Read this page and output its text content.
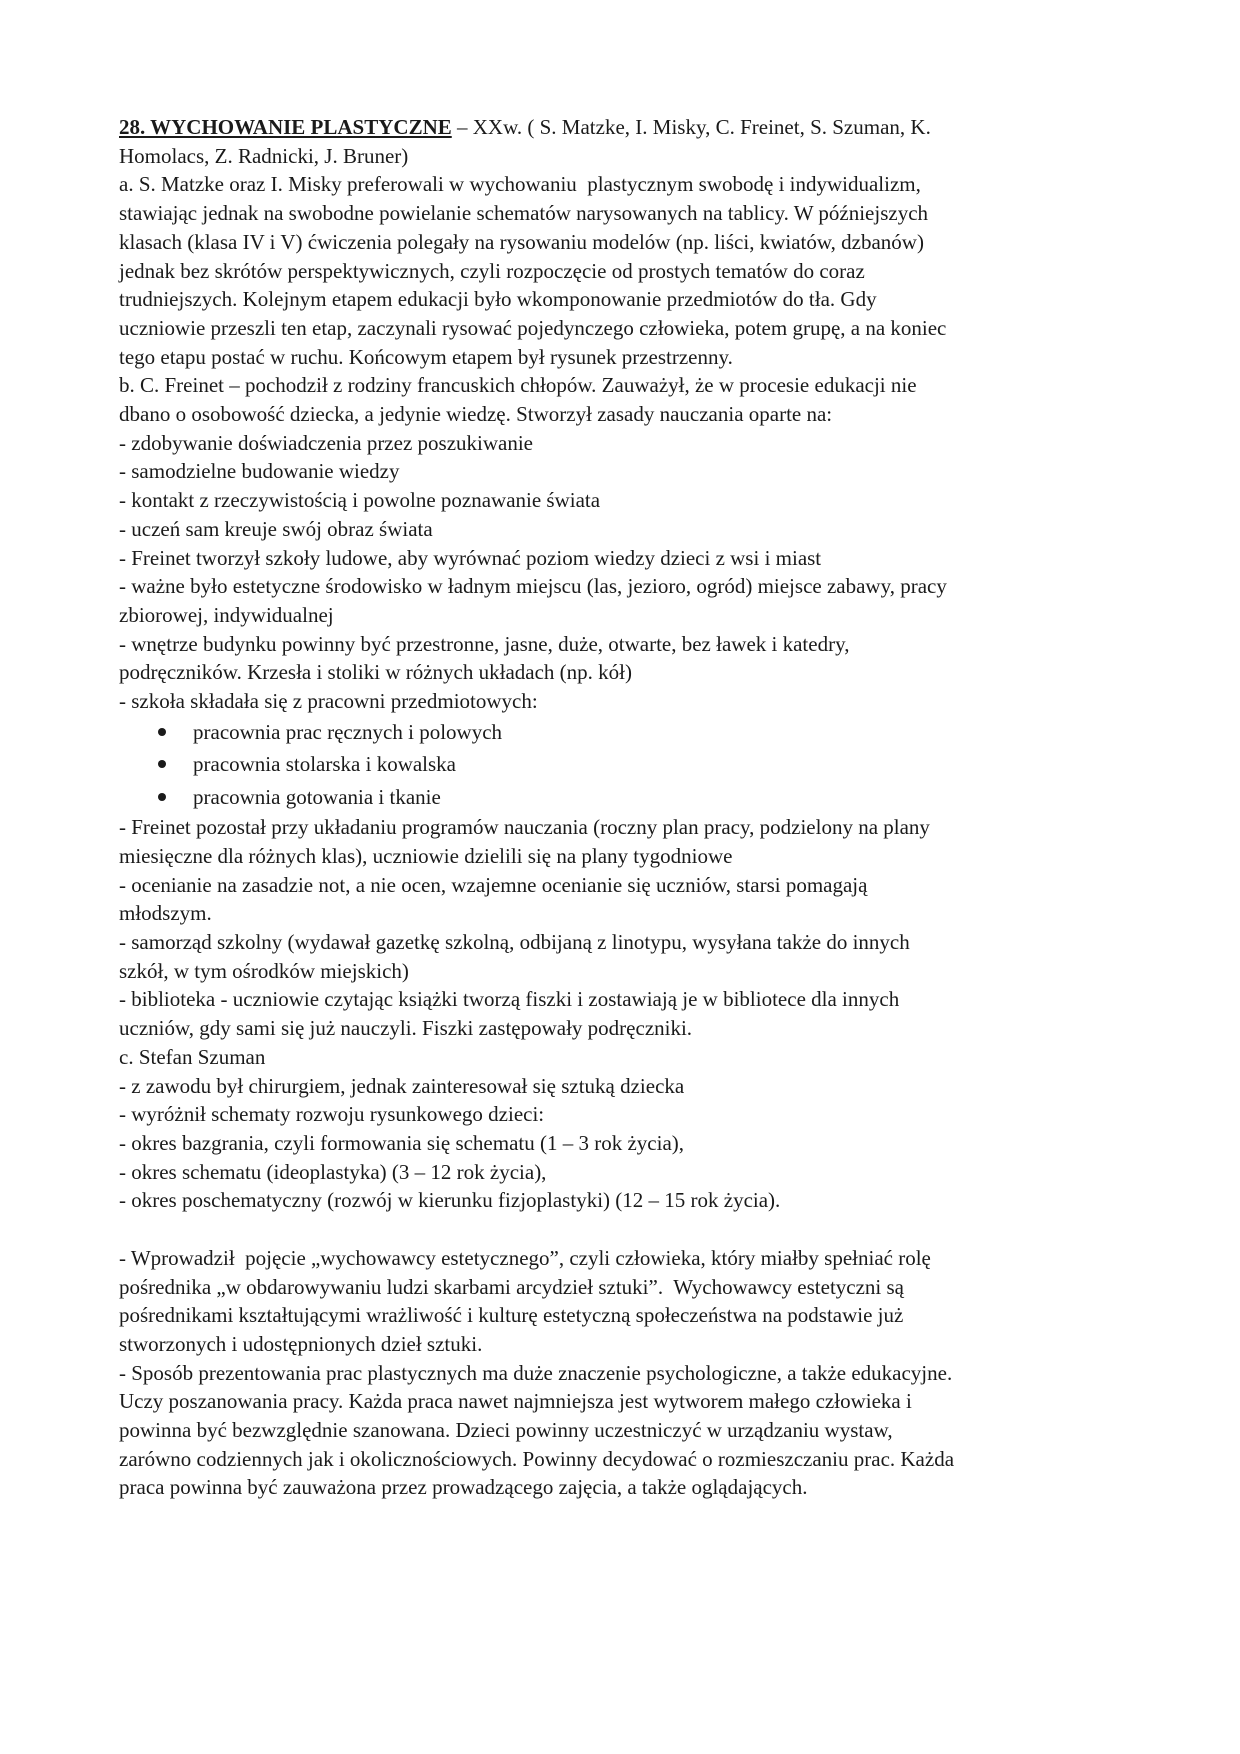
28. WYCHOWANIE PLASTYCZNE – XXw. ( S. Matzke, I. Misky, C. Freinet, S. Szuman, K.
Homolacs, Z. Radnicki, J. Bruner)
a. S. Matzke oraz I. Misky preferowali w wychowaniu  plastycznym swobodę i indywidualizm,
stawiając jednak na swobodne powielanie schematów narysowanych na tablicy. W późniejszych
klasach (klasa IV i V) ćwiczenia polegały na rysowaniu modelów (np. liści, kwiatów, dzbanów)
jednak bez skrótów perspektywicznych, czyli rozpoczęcie od prostych tematów do coraz
trudniejszych. Kolejnym etapem edukacji było wkomponowanie przedmiotów do tła. Gdy
uczniowie przeszli ten etap, zaczynali rysować pojedynczego człowieka, potem grupę, a na koniec
tego etapu postać w ruchu. Końcowym etapem był rysunek przestrzenny.
b. C. Freinet – pochodził z rodziny francuskich chłopów. Zauważył, że w procesie edukacji nie
dbano o osobowość dziecka, a jedynie wiedzę. Stworzył zasady nauczania oparte na:
- zdobywanie doświadczenia przez poszukiwanie
- samodzielne budowanie wiedzy
- kontakt z rzeczywistością i powolne poznawanie świata
- uczeń sam kreuje swój obraz świata
- Freinet tworzył szkoły ludowe, aby wyrównać poziom wiedzy dzieci z wsi i miast
- ważne było estetyczne środowisko w ładnym miejscu (las, jezioro, ogród) miejsce zabawy, pracy
zbiorowej, indywidualnej
- wnętrze budynku powinny być przestronne, jasne, duże, otwarte, bez ławek i katedry,
podręczników. Krzesła i stoliki w różnych układach (np. kół)
- szkoła składała się z pracowni przedmiotowych:
pracownia prac ręcznych i polowych
pracownia stolarska i kowalska
pracownia gotowania i tkanie
- Freinet pozostał przy układaniu programów nauczania (roczny plan pracy, podzielony na plany
miesięczne dla różnych klas), uczniowie dzielili się na plany tygodniowe
- ocenianie na zasadzie not, a nie ocen, wzajemne ocenianie się uczniów, starsi pomagają
młodszym.
- samorząd szkolny (wydawał gazetkę szkolną, odbijaną z linotypu, wysyłana także do innych
szkół, w tym ośrodków miejskich)
- biblioteka - uczniowie czytając książki tworzą fiszki i zostawiają je w bibliotece dla innych
uczniów, gdy sami się już nauczyli. Fiszki zastępowały podręczniki.
c. Stefan Szuman
- z zawodu był chirurgiem, jednak zainteresował się sztuką dziecka
- wyróżnił schematy rozwoju rysunkowego dzieci:
- okres bazgrania, czyli formowania się schematu (1 – 3 rok życia),
- okres schematu (ideoplastyka) (3 – 12 rok życia),
- okres poschematyczny (rozwój w kierunku fizjoplastyki) (12 – 15 rok życia).
- Wprowadził  pojęcie „wychowawcy estetycznego”, czyli człowieka, który miałby spełniać rolę
pośrednika „w obdarowywaniu ludzi skarbami arcydzieł sztuki”.  Wychowawcy estetyczni są
pośrednikami kształtującymi wrażliwość i kulturę estetyczną społeczeństwa na podstawie już
stworzonych i udostępnionych dzieł sztuki.
- Sposób prezentowania prac plastycznych ma duże znaczenie psychologiczne, a także edukacyjne.
Uczy poszanowania pracy. Każda praca nawet najmniejsza jest wytworem małego człowieka i
powinna być bezwzględnie szanowana. Dzieci powinny uczestniczyć w urządzaniu wystaw,
zarówno codziennych jak i okolicznościowych. Powinny decydować o rozmieszczaniu prac. Każda
praca powinna być zauważona przez prowadzącego zajęcia, a także oglądających.
